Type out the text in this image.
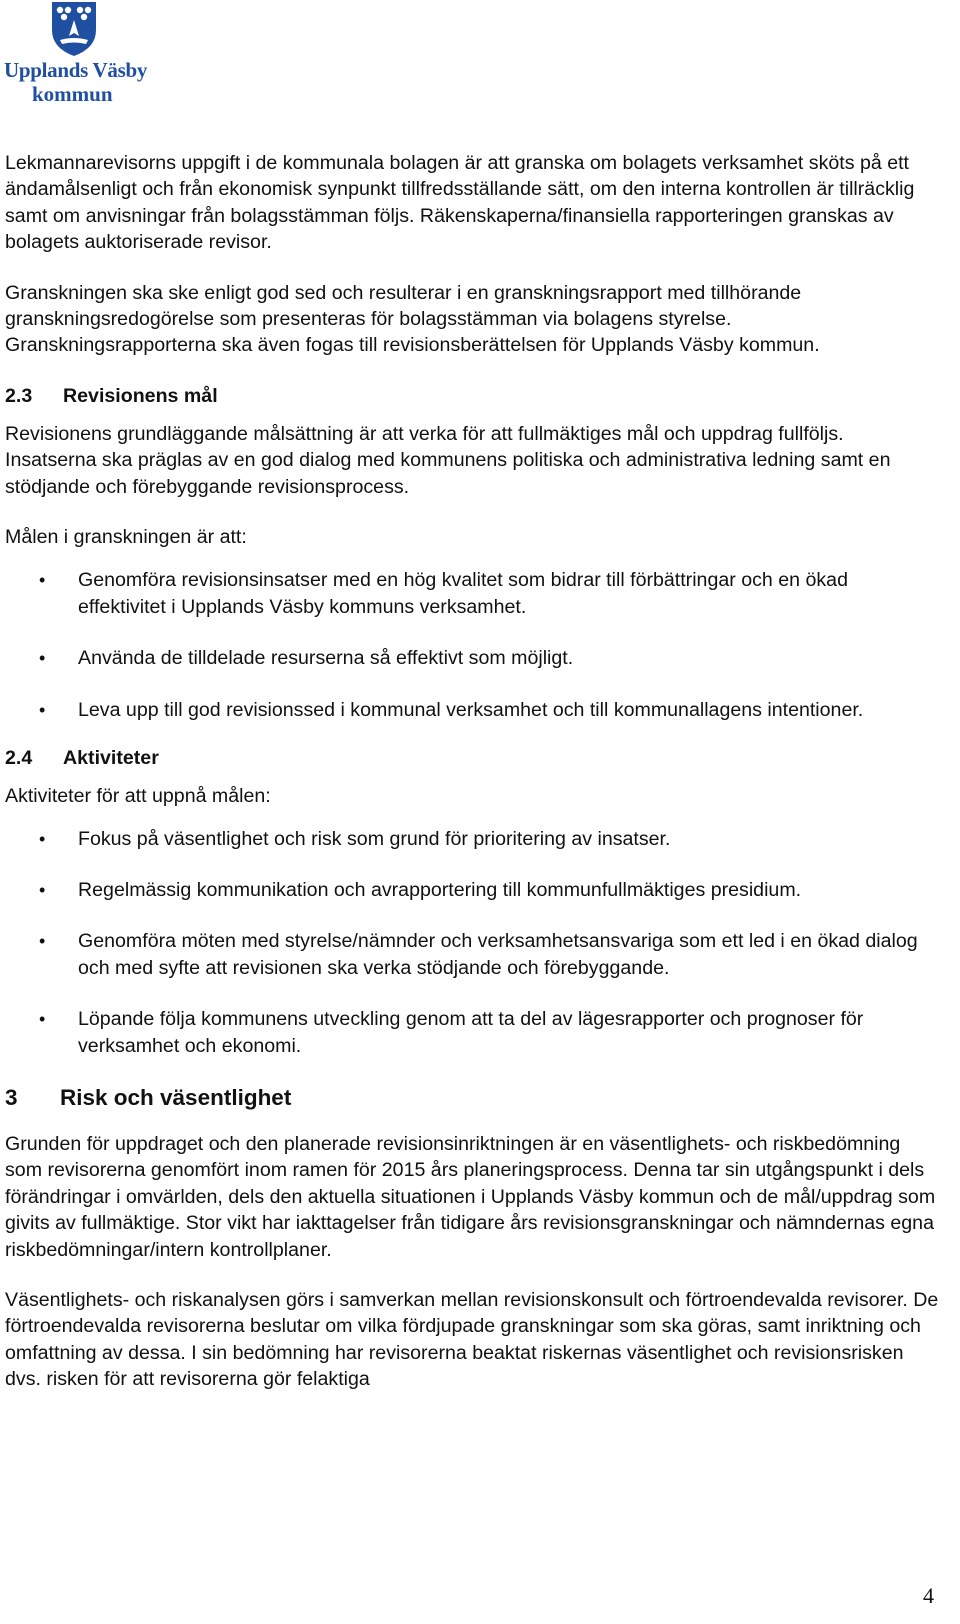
Upplands Väsby
kommun

Lekmannarevisorns uppgift i de kommunala bolagen är att granska om bolagets verksamhet sköts på ett ändamålsenligt och från ekonomisk synpunkt tillfredsställande sätt, om den interna kontrollen är tillräcklig samt om anvisningar från bolagsstämman följs. Räkenskaperna/finansiella rapporteringen granskas av bolagets auktoriserade revisor.

Granskningen ska ske enligt god sed och resulterar i en granskningsrapport med tillhörande granskningsredogörelse som presenteras för bolagsstämman via bolagens styrelse. Granskningsrapporterna ska även fogas till revisionsberättelsen för Upplands Väsby kommun.

2.3 Revisionens mål

Revisionens grundläggande målsättning är att verka för att fullmäktiges mål och uppdrag fullföljs. Insatserna ska präglas av en god dialog med kommunens politiska och administrativa ledning samt en stödjande och förebyggande revisionsprocess.

Målen i granskningen är att:

• Genomföra revisionsinsatser med en hög kvalitet som bidrar till förbättringar och en ökad effektivitet i Upplands Väsby kommuns verksamhet.
• Använda de tilldelade resurserna så effektivt som möjligt.
• Leva upp till god revisionssed i kommunal verksamhet och till kommunallagens intentioner.
2.4 Aktiviteter

Aktiviteter för att uppnå målen:

• Fokus på väsentlighet och risk som grund för prioritering av insatser.
• Regelmässig kommunikation och avrapportering till kommunfullmäktiges presidium.
• Genomföra möten med styrelse/nämnder och verksamhetsansvariga som ett led i en ökad dialog och med syfte att revisionen ska verka stödjande och förebyggande.
• Löpande följa kommunens utveckling genom att ta del av lägesrapporter och prognoser för verksamhet och ekonomi.
3 Risk och väsentlighet

Grunden för uppdraget och den planerade revisionsinriktningen är en väsentlighets- och riskbedömning som revisorerna genomfört inom ramen för 2015 års planeringsprocess. Denna tar sin utgångspunkt i dels förändringar i omvärlden, dels den aktuella situationen i Upplands Väsby kommun och de mål/uppdrag som givits av fullmäktige. Stor vikt har iakttagelser från tidigare års revisionsgranskningar och nämndernas egna riskbedömningar/intern kontrollplaner.

Väsentlighets- och riskanalysen görs i samverkan mellan revisionskonsult och förtroendevalda revisorer. De förtroendevalda revisorerna beslutar om vilka fördjupade granskningar som ska göras, samt inriktning och omfattning av dessa. I sin bedömning har revisorerna beaktat riskernas väsentlighet och revisionsrisken dvs. risken för att revisorerna gör felaktiga

4
